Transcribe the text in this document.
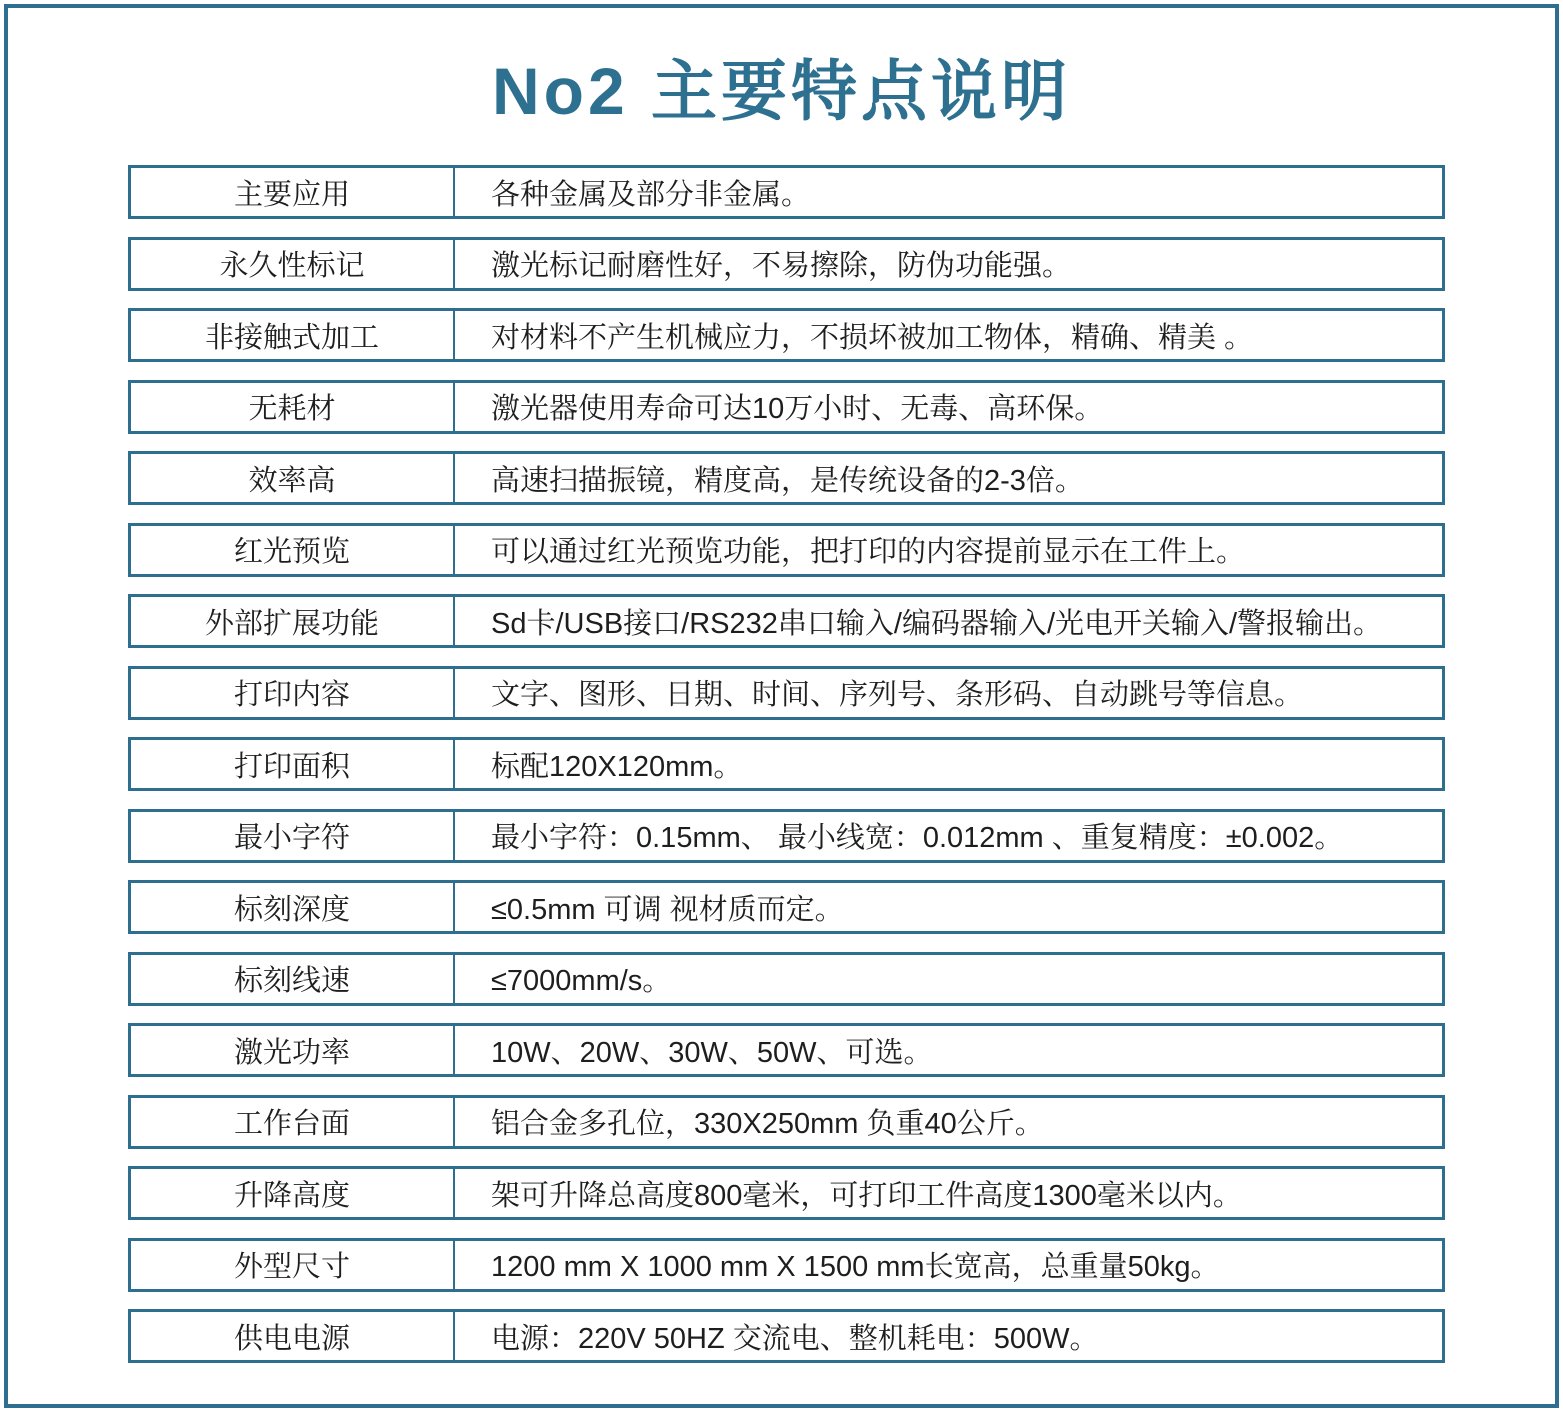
No2 主要特点说明
主要应用	各种金属及部分非金属。
永久性标记	激光标记耐磨性好，不易擦除，防伪功能强。
非接触式加工	对材料不产生机械应力，不损坏被加工物体，精确、精美 。
无耗材	激光器使用寿命可达10万小时、无毒、高环保。
效率高	高速扫描振镜，精度高，是传统设备的2-3倍。
红光预览	可以通过红光预览功能，把打印的内容提前显示在工件上。
外部扩展功能	Sd卡/USB接口/RS232串口输入/编码器输入/光电开关输入/警报输出。
打印内容	文字、图形、日期、时间、序列号、条形码、自动跳号等信息。
打印面积	标配120X120mm。
最小字符	最小字符：0.15mm、 最小线宽：0.012mm 、重复精度：±0.002。
标刻深度	≤0.5mm 可调 视材质而定。
标刻线速	≤7000mm/s。
激光功率	10W、20W、30W、50W、可选。
工作台面	铝合金多孔位，330X250mm 负重40公斤。
升降高度	架可升降总高度800毫米，可打印工件高度1300毫米以内。
外型尺寸	1200 mm X 1000 mm X 1500 mm长宽高，总重量50kg。
供电电源	电源：220V 50HZ 交流电、整机耗电：500W。
